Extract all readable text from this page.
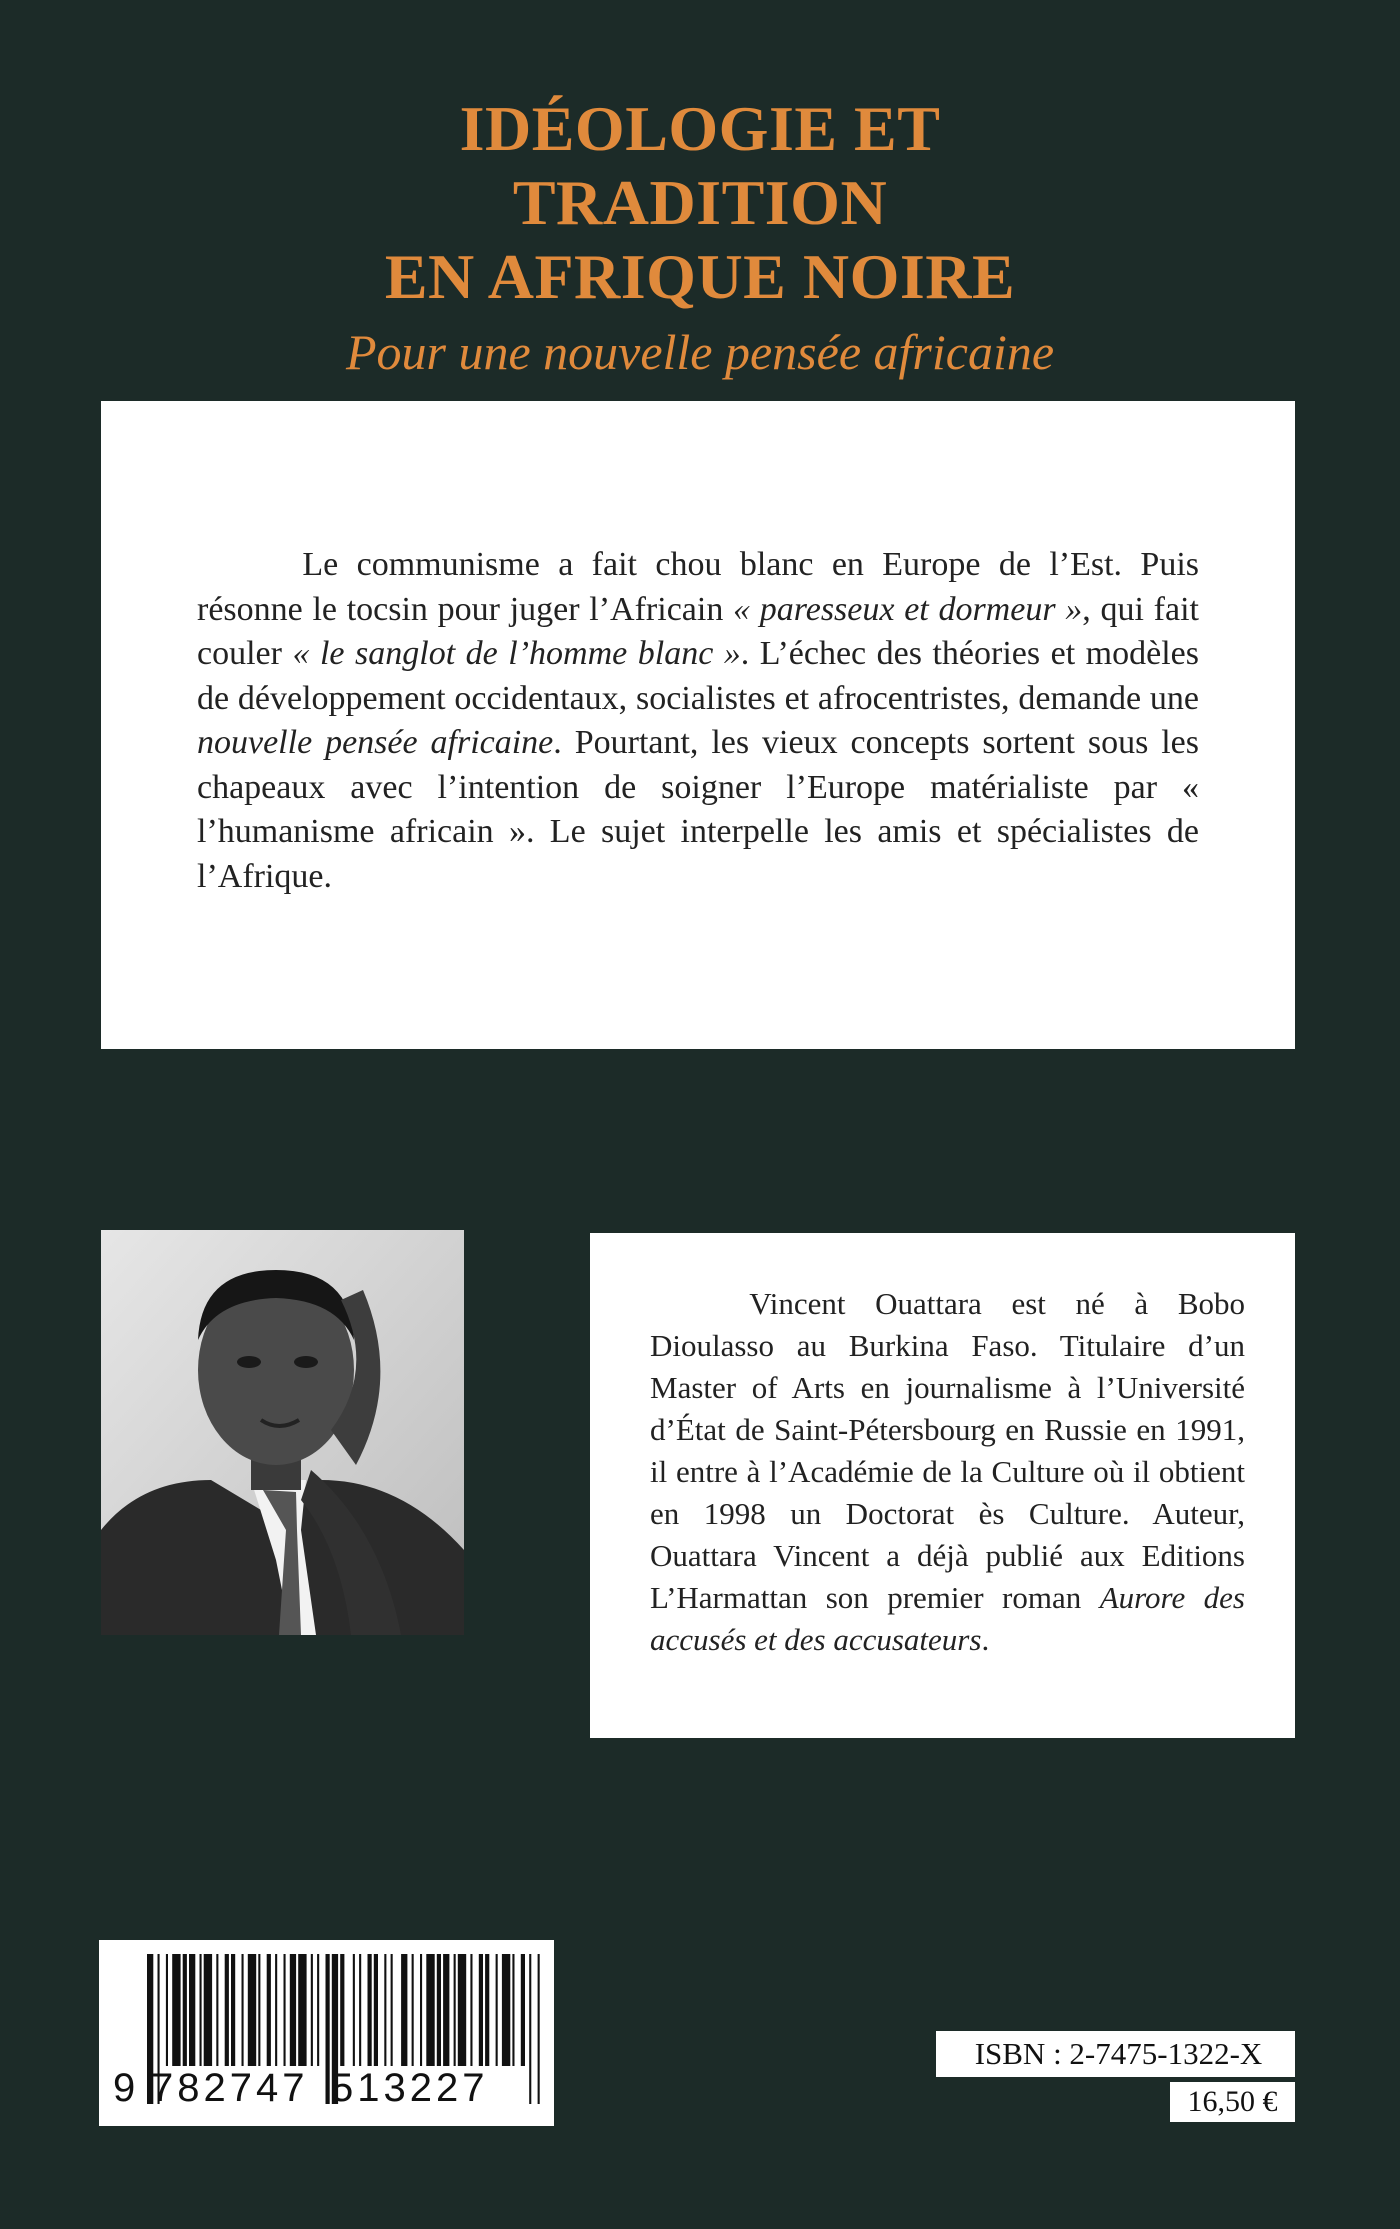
IDÉOLOGIE ET TRADITION
EN AFRIQUE NOIRE
Pour une nouvelle pensée africaine

Le communisme a fait chou blanc en Europe de l’Est. Puis résonne le tocsin pour juger l’Africain « paresseux et dormeur », qui fait couler « le sanglot de l’homme blanc ». L’échec des théories et modèles de développement occidentaux, socialistes et afrocentristes, demande une nouvelle pensée africaine. Pourtant, les vieux concepts sortent sous les chapeaux avec l’intention de soigner l’Europe matérialiste par « l’humanisme africain ». Le sujet interpelle les amis et spécialistes de l’Afrique.

Vincent Ouattara est né à Bobo Dioulasso au Burkina Faso. Titulaire d’un Master of Arts en journalisme à l’Université d’État de Saint-Pétersbourg en Russie en 1991, il entre à l’Académie de la Culture où il obtient en 1998 un Doctorat ès Culture. Auteur, Ouattara Vincent a déjà publié aux Editions L’Harmattan son premier roman Aurore des accusés et des accusateurs.

9 782747 513227
ISBN : 2-7475-1322-X
16,50 €
